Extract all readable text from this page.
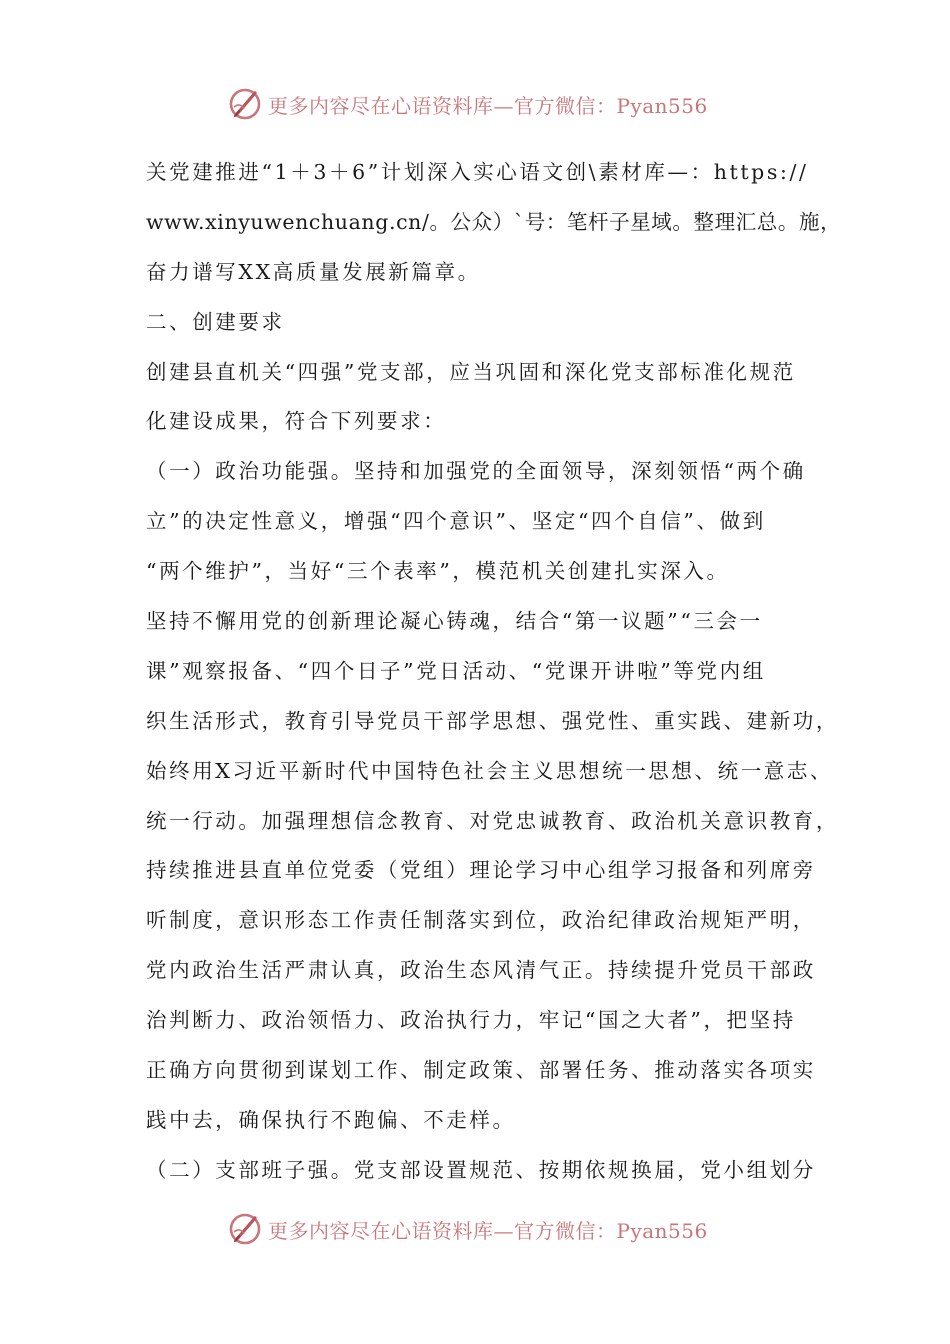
更多内容尽在心语资料库—官方微信：Pyan556
关党建推进“1＋3＋6”计划深入实心语文创\素材库—：https://
www.xinyuwenchuang.cn/。公众）`号：笔杆子星域。整理汇总。施，
奋力谱写XX高质量发展新篇章。
二、创建要求
创建县直机关“四强”党支部，应当巩固和深化党支部标准化规范
化建设成果，符合下列要求：
（一）政治功能强。坚持和加强党的全面领导，深刻领悟“两个确
立”的决定性意义，增强“四个意识”、坚定“四个自信”、做到
“两个维护”，当好“三个表率”，模范机关创建扎实深入。
坚持不懈用党的创新理论凝心铸魂，结合“第一议题”“三会一
课”观察报备、“四个日子”党日活动、“党课开讲啦”等党内组
织生活形式，教育引导党员干部学思想、强党性、重实践、建新功，
始终用X习近平新时代中国特色社会主义思想统一思想、统一意志、
统一行动。加强理想信念教育、对党忠诚教育、政治机关意识教育，
持续推进县直单位党委（党组）理论学习中心组学习报备和列席旁
听制度，意识形态工作责任制落实到位，政治纪律政治规矩严明，
党内政治生活严肃认真，政治生态风清气正。持续提升党员干部政
治判断力、政治领悟力、政治执行力，牢记“国之大者”，把坚持
正确方向贯彻到谋划工作、制定政策、部署任务、推动落实各项实
践中去，确保执行不跑偏、不走样。
（二）支部班子强。党支部设置规范、按期依规换届，党小组划分
更多内容尽在心语资料库—官方微信：Pyan556
